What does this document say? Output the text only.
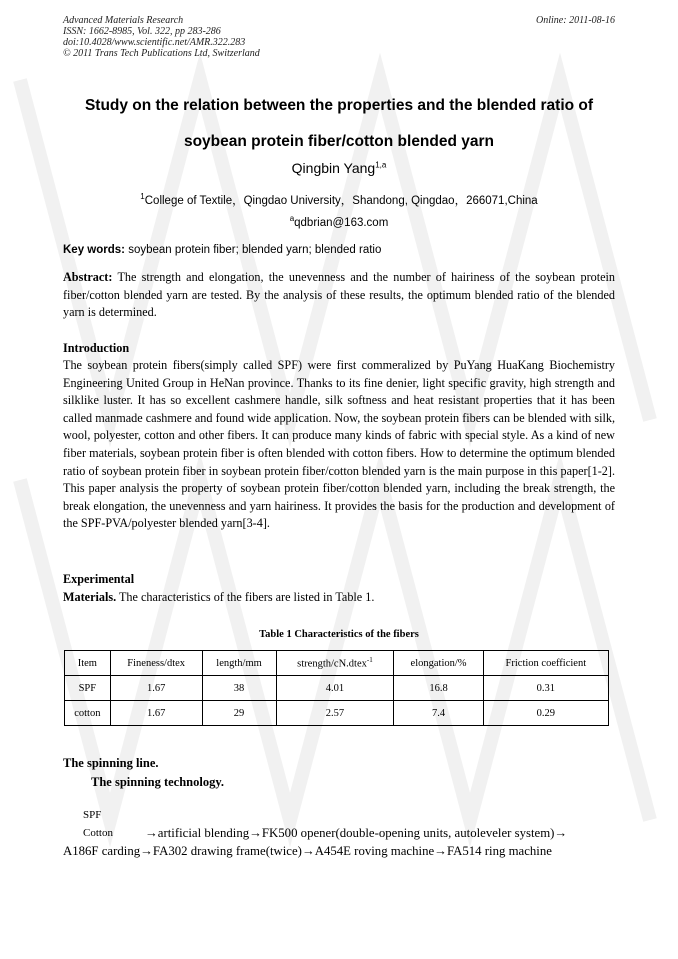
Advanced Materials Research
ISSN: 1662-8985, Vol. 322, pp 283-286
doi:10.4028/www.scientific.net/AMR.322.283
© 2011 Trans Tech Publications Ltd, Switzerland
Online: 2011-08-16
Study on the relation between the properties and the blended ratio of
soybean protein fiber/cotton blended yarn
Qingbin Yang$^{1,a}$
$^1$College of Textile，Qingdao University，Shandong, Qingdao，266071,China
$^a$qdbrian@163.com
Key words: soybean protein fiber; blended yarn; blended ratio
Abstract: The strength and elongation, the unevenness and the number of hairiness of the soybean protein fiber/cotton blended yarn are tested. By the analysis of these results, the optimum blended ratio of the blended yarn is determined.
Introduction
The soybean protein fibers(simply called SPF) were first commeralized by PuYang HuaKang Biochemistry Engineering United Group in HeNan province. Thanks to its fine denier, light specific gravity, high strength and silklike luster. It has so excellent cashmere handle, silk softness and heat resistant properties that it has been called manmade cashmere and found wide application. Now, the soybean protein fibers can be blended with silk, wool, polyester, cotton and other fibers. It can produce many kinds of fabric with special style. As a kind of new fiber materials, soybean protein fiber is often blended with cotton fibers. How to determine the optimum blended ratio of soybean protein fiber in soybean protein fiber/cotton blended yarn is the main purpose in this paper[1-2]. This paper analysis the property of soybean protein fiber/cotton blended yarn, including the break strength, the break elongation, the unevenness and yarn hairiness. It provides the basis for the production and development of the SPF-PVA/polyester blended yarn[3-4].
Experimental
Materials. The characteristics of the fibers are listed in Table 1.
Table 1 Characteristics of the fibers
Item	Fineness/dtex	length/mm	strength/cN.dtex$^{-1}$	elongation/%	Friction coefficient
SPF	1.67	38	4.01	16.8	0.31
cotton	1.67	29	2.57	7.4	0.29
The spinning line.
The spinning technology.
SPF
Cotton	→artificial blending→FK500 opener(double-opening units, autoleveler system)→
A186F carding→FA302 drawing frame(twice)→A454E roving machine→FA514 ring machine
